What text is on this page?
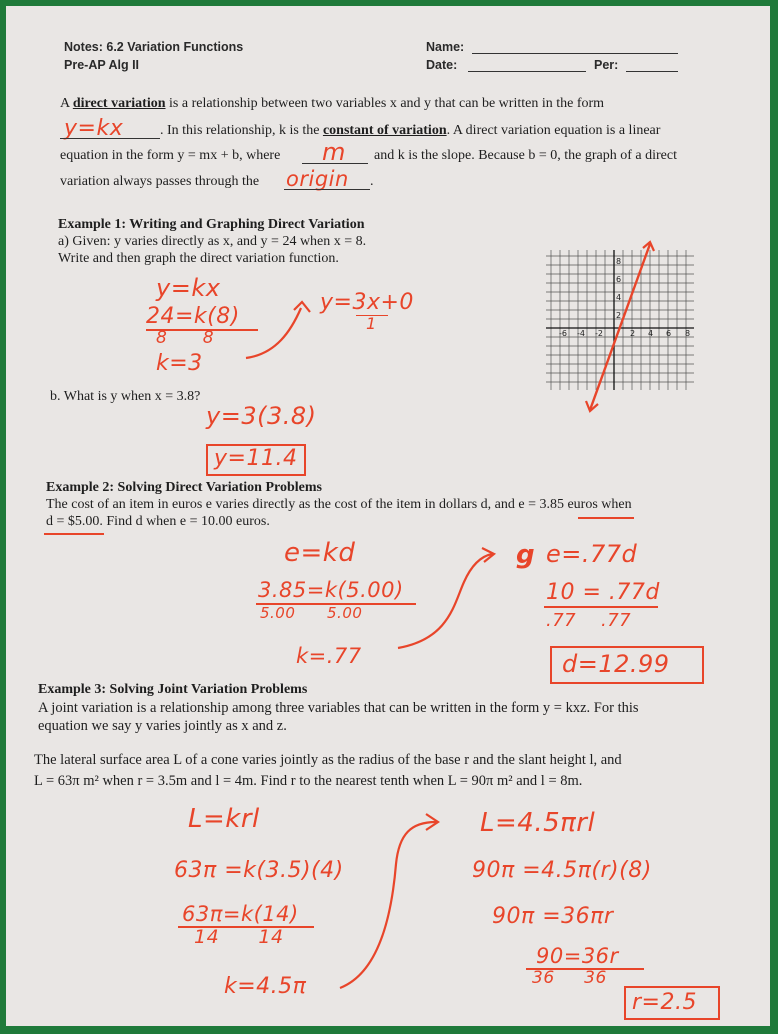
Notes: 6.2 Variation Functions
Pre-AP Alg II
Name:
Date:	Per:
A direct variation is a relationship between two variables x and y that can be written in the form
y=kx	. In this relationship, k is the constant of variation. A direct variation equation is a linear
equation in the form y = mx + b, where m and k is the slope. Because b = 0, the graph of a direct
variation always passes through the origin .
Example 1: Writing and Graphing Direct Variation
a) Given: y varies directly as x, and y = 24 when x = 8.
Write and then graph the direct variation function.
y=kx
24=k(8)
8      8
k=3
y=3x+0
1
-6 -4 -2	2 4 6 8
8
6
4
2
b. What is y when x = 3.8?
y=3(3.8)
y=11.4
Example 2: Solving Direct Variation Problems
The cost of an item in euros e varies directly as the cost of the item in dollars d, and e = 3.85 euros when
d = $5.00. Find d when e = 10.00 euros.
e=kd
3.85=k(5.00)
5.00      5.00
k=.77
g e=.77d
10 = .77d
.77    .77
d=12.99
Example 3: Solving Joint Variation Problems
A joint variation is a relationship among three variables that can be written in the form y = kxz. For this
equation we say y varies jointly as x and z.
The lateral surface area L of a cone varies jointly as the radius of the base r and the slant height l, and
L = 63π m² when r = 3.5m and l = 4m. Find r to the nearest tenth when L = 90π m² and l = 8m.
L=krl
63π =k(3.5)(4)
63π=k(14)
14      14
k=4.5π
L=4.5πrl
90π =4.5π(r)(8)
90π =36πr
90=36r
36     36
r=2.5
